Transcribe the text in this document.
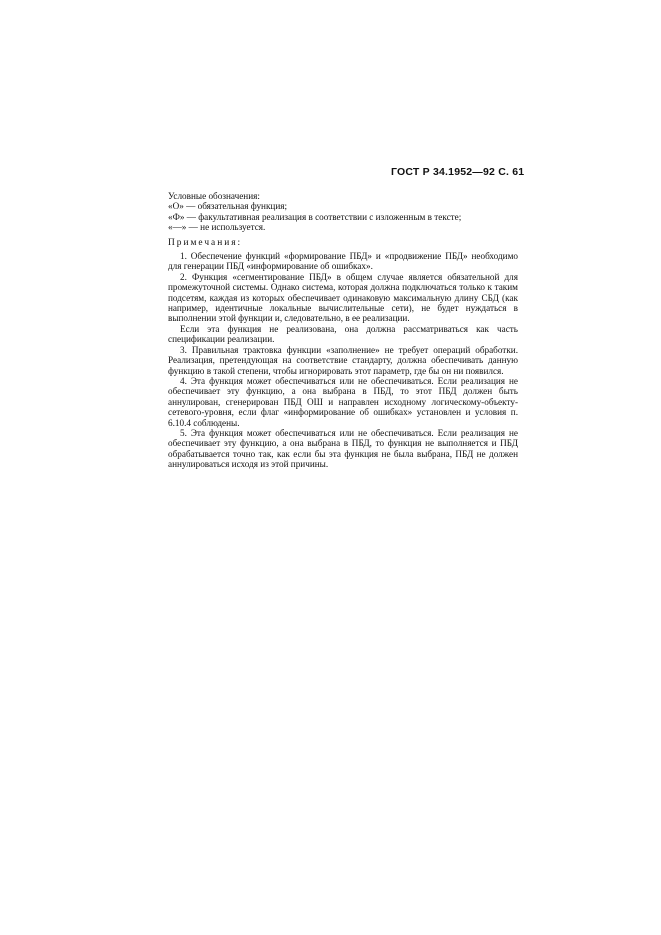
ГОСТ Р 34.1952—92 С. 61

Условные обозначения:

«О» — обязательная функция;
«Ф» — факультативная реализация в соответствии с изложенным в тексте;
«—» — не используется.

Примечания:

1. Обеспечение функций «формирование ПБД» и «продвижение ПБД» необходимо для генерации ПБД «информирование об ошибках».

2. Функция «сегментирование ПБД» в общем случае является обязательной для промежуточной системы. Однако система, которая должна подключаться только к таким подсетям, каждая из которых обеспечивает одинаковую максимальную длину СБД (как например, идентичные локальные вычислительные сети), не будет нуждаться в выполнении этой функции и, следовательно, в ее реализации.

Если эта функция не реализована, она должна рассматриваться как часть спецификации реализации.

3. Правильная трактовка функции «заполнение» не требует операций обработки. Реализация, претендующая на соответствие стандарту, должна обеспечивать данную функцию в такой степени, чтобы игнорировать этот параметр, где бы он ни появился.

4. Эта функция может обеспечиваться или не обеспечиваться. Если реализация не обеспечивает эту функцию, а она выбрана в ПБД, то этот ПБД должен быть аннулирован, сгенерирован ПБД ОШ и направлен исходному логическому-объекту-сетевого-уровня, если флаг «информирование об ошибках» установлен и условия п. 6.10.4 соблюдены.

5. Эта функция может обеспечиваться или не обеспечиваться. Если реализация не обеспечивает эту функцию, а она выбрана в ПБД, то функция не выполняется и ПБД обрабатывается точно так, как если бы эта функция не была выбрана, ПБД не должен аннулироваться исходя из этой причины.
